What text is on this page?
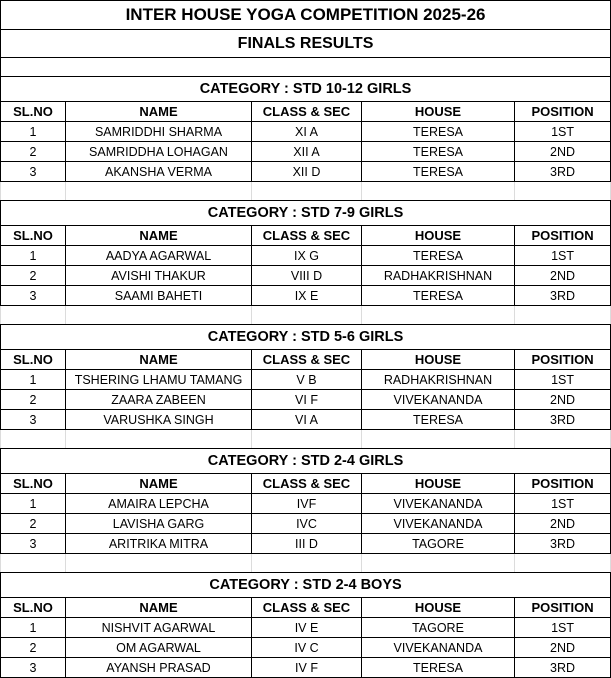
INTER HOUSE YOGA COMPETITION 2025-26				
FINALS RESULTS				

CATEGORY : STD 10-12 GIRLS				
SL.NO	NAME	CLASS & SEC	HOUSE	POSITION
1	SAMRIDDHI SHARMA	XI A	TERESA	1ST
2	SAMRIDDHA LOHAGAN	XII A	TERESA	2ND
3	AKANSHA VERMA	XII D	TERESA	3RD

CATEGORY : STD 7-9 GIRLS				
SL.NO	NAME	CLASS & SEC	HOUSE	POSITION
1	AADYA AGARWAL	IX G	TERESA	1ST
2	AVISHI THAKUR	VIII D	RADHAKRISHNAN	2ND
3	SAAMI BAHETI	IX E	TERESA	3RD

CATEGORY : STD 5-6 GIRLS				
SL.NO	NAME	CLASS & SEC	HOUSE	POSITION
1	TSHERING LHAMU TAMANG	V B	RADHAKRISHNAN	1ST
2	ZAARA ZABEEN	VI F	VIVEKANANDA	2ND
3	VARUSHKA SINGH	VI A	TERESA	3RD

CATEGORY : STD 2-4 GIRLS				
SL.NO	NAME	CLASS & SEC	HOUSE	POSITION
1	AMAIRA LEPCHA	IVF	VIVEKANANDA	1ST
2	LAVISHA GARG	IVC	VIVEKANANDA	2ND
3	ARITRIKA MITRA	III D	TAGORE	3RD

CATEGORY : STD 2-4 BOYS				
SL.NO	NAME	CLASS & SEC	HOUSE	POSITION
1	NISHVIT AGARWAL	IV E	TAGORE	1ST
2	OM AGARWAL	IV C	VIVEKANANDA	2ND
3	AYANSH PRASAD	IV F	TERESA	3RD
